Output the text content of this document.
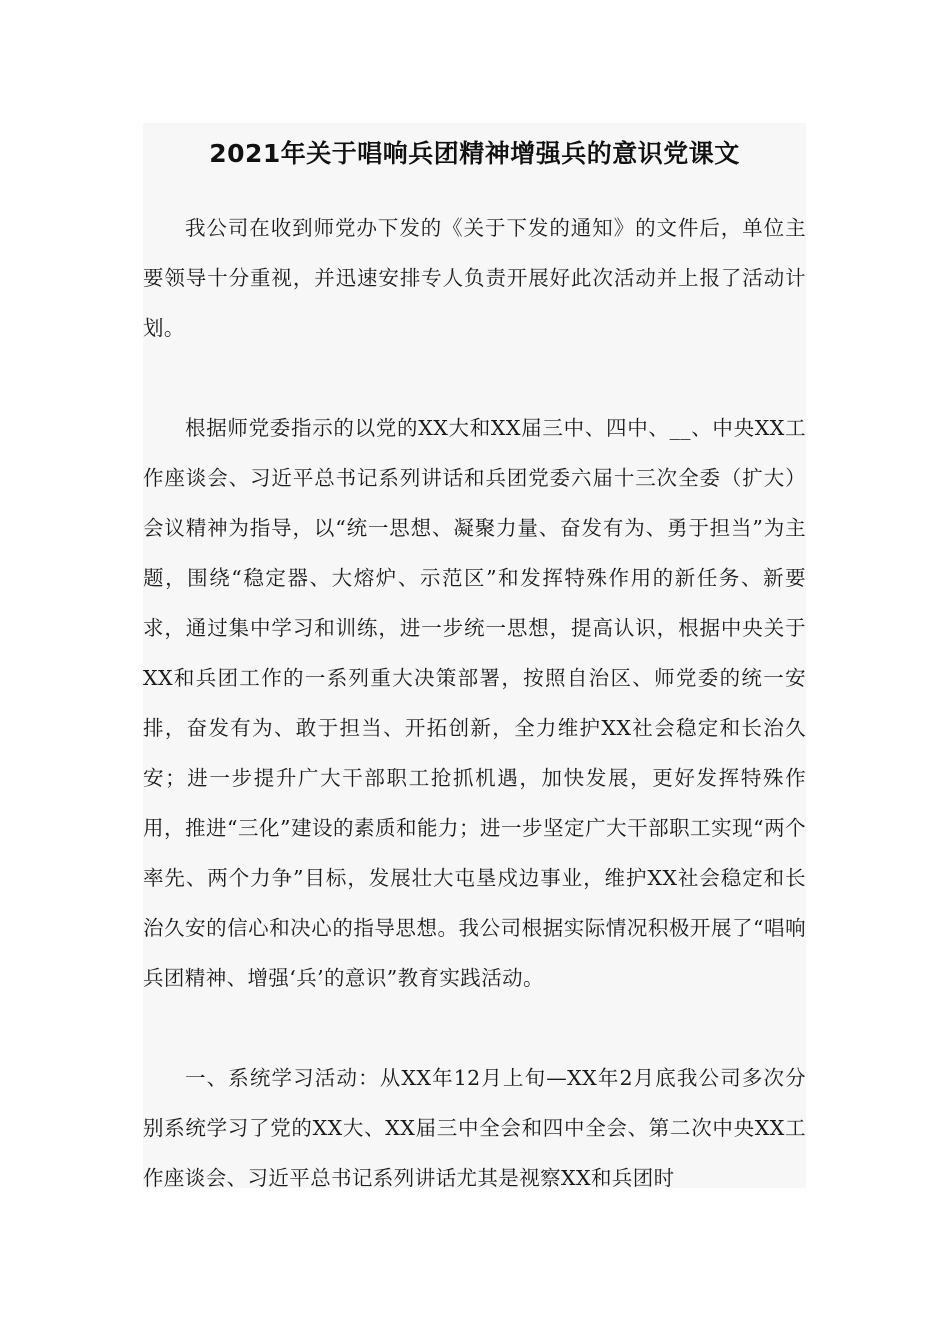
2021年关于唱响兵团精神增强兵的意识党课文

我公司在收到师党办下发的《关于下发的通知》的文件后，单位主要领导十分重视，并迅速安排专人负责开展好此次活动并上报了活动计划。

根据师党委指示的以党的XX大和XX届三中、四中、__、中央XX工作座谈会、习近平总书记系列讲话和兵团党委六届十三次全委（扩大）会议精神为指导，以“统一思想、凝聚力量、奋发有为、勇于担当”为主题，围绕“稳定器、大熔炉、示范区”和发挥特殊作用的新任务、新要求，通过集中学习和训练，进一步统一思想，提高认识，根据中央关于XX和兵团工作的一系列重大决策部署，按照自治区、师党委的统一安排，奋发有为、敢于担当、开拓创新，全力维护XX社会稳定和长治久安；进一步提升广大干部职工抢抓机遇，加快发展，更好发挥特殊作用，推进“三化”建设的素质和能力；进一步坚定广大干部职工实现“两个率先、两个力争”目标，发展壮大屯垦戍边事业，维护XX社会稳定和长治久安的信心和决心的指导思想。我公司根据实际情况积极开展了“唱响兵团精神、增强‘兵’的意识”教育实践活动。

一、系统学习活动：从XX年12月上旬—XX年2月底我公司多次分别系统学习了党的XX大、XX届三中全会和四中全会、第二次中央XX工作座谈会、习近平总书记系列讲话尤其是视察XX和兵团时
